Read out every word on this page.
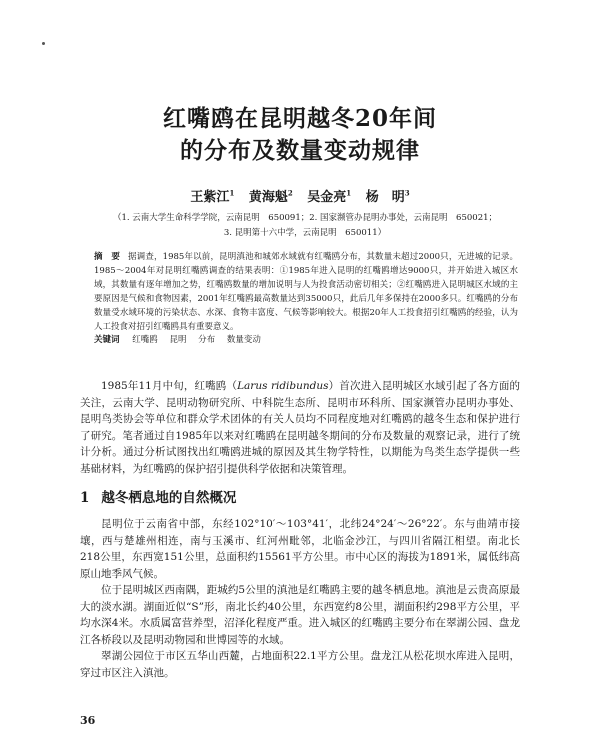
红嘴鸥在昆明越冬20年间
的分布及数量变动规律
王紫江$^1$ 黄海魁$^2$ 吴金亮$^1$ 杨　明$^3$
（1. 云南大学生命科学学院，云南昆明　650091；2. 国家濒管办昆明办事处，云南昆明　650021；
3. 昆明第十六中学，云南昆明　650011）
摘　要 据调查，1985年以前，昆明滇池和城郊水域就有红嘴鸥分布，其数量未超过2000只，无进城的记录。1985～2004年对昆明红嘴鸥调查的结果表明：①1985年进入昆明的红嘴鸥增达9000只，并开始进入城区水域，其数量有逐年增加之势，红嘴鸥数量的增加说明与人为投食活动密切相关；②红嘴鸥进入昆明城区水域的主要原因是气候和食物因素，2001年红嘴鸥最高数量达到35000只，此后几年多保持在2000多只。红嘴鸥的分布数量受水域环境的污染状态、水深、食物丰富度、气候等影响较大。根据20年人工投食招引红嘴鸥的经验，认为人工投食对招引红嘴鸥具有重要意义。
关键词 红嘴鸥 昆明 分布 数量变动

1985年11月中旬，红嘴鸥（Larus ridibundus）首次进入昆明城区水域引起了各方面的关注，云南大学、昆明动物研究所、中科院生态所、昆明市环科所、国家濒管办昆明办事处、昆明鸟类协会等单位和群众学术团体的有关人员均不同程度地对红嘴鸥的越冬生态和保护进行了研究。笔者通过自1985年以来对红嘴鸥在昆明越冬期间的分布及数量的观察记录，进行了统计分析。通过分析试图找出红嘴鸥进城的原因及其生物学特性，以期能为鸟类生态学提供一些基础材料，为红嘴鸥的保护招引提供科学依据和决策管理。

1 越冬栖息地的自然概况

昆明位于云南省中部，东经102°10′～103°41′，北纬24°24′～26°22′。东与曲靖市接壤，西与楚雄州相连，南与玉溪市、红河州毗邻，北临金沙江，与四川省隔江相望。南北长218公里，东西宽151公里，总面积约15561平方公里。市中心区的海拔为1891米，属低纬高原山地季风气候。

位于昆明城区西南隅，距城约5公里的滇池是红嘴鸥主要的越冬栖息地。滇池是云贵高原最大的淡水湖。湖面近似“S”形，南北长约40公里，东西宽约8公里，湖面积约298平方公里，平均水深4米。水质属富营养型，沼泽化程度严重。进入城区的红嘴鸥主要分布在翠湖公园、盘龙江各桥段以及昆明动物园和世博园等的水域。

翠湖公园位于市区五华山西麓，占地面积22.1平方公里。盘龙江从松花坝水库进入昆明，穿过市区注入滇池。

36
